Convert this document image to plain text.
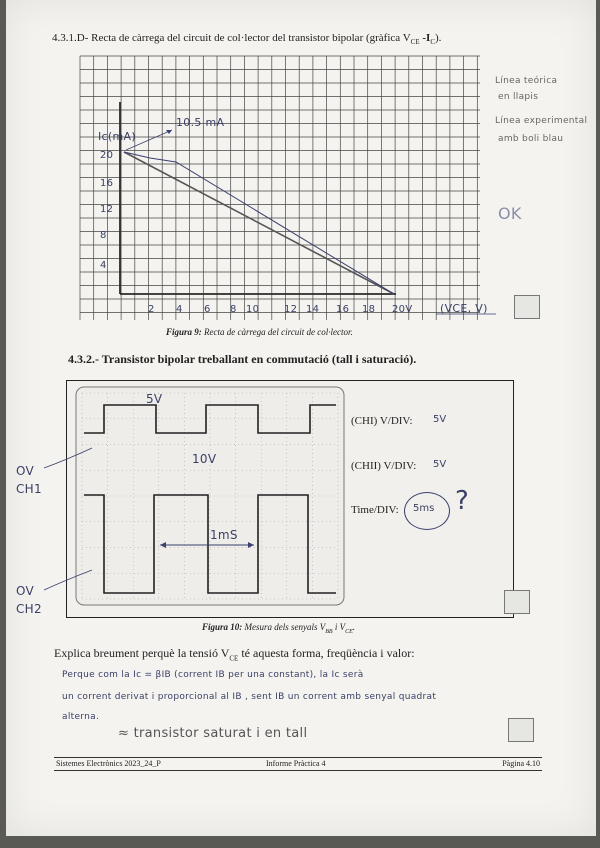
4.3.1.D- Recta de càrrega del circuit de col·lector del transistor bipolar (gràfica $V_{CE}$ $-I_C$).
Ic(mA)
10.5 mA
20
16
12
8
4
2 4 6 8 10 12 14 16 18 20V	(VCE, V)
Figura 9: Recta de càrrega del circuit de col·lector.
Línea teórica
en llapis
Línea experimental
amb boli blau
OK
4.3.2.- Transistor bipolar treballant en commutació (tall i saturació).
5V
10V
1mS
OV
CH1
OV
CH2
(CHI) V/DIV: 5V
(CHII) V/DIV: 5V
Time/DIV: 5ms ?
Figura 10: Mesura dels senyals $V_{BB}$ i $V_{CE}$.
Explica breument perquè la tensió $V_{CE}$ té aquesta forma, freqüència i valor:
Perque com la Ic = βIB (corrent IB per una constant), la Ic serà
un corrent derivat i proporcional al IB , sent IB un corrent amb senyal quadrat
alterna.
≈ transistor saturat i en tall
Sistemes Electrònics 2023_24_P	Informe Pràctica 4	Pàgina 4.10
